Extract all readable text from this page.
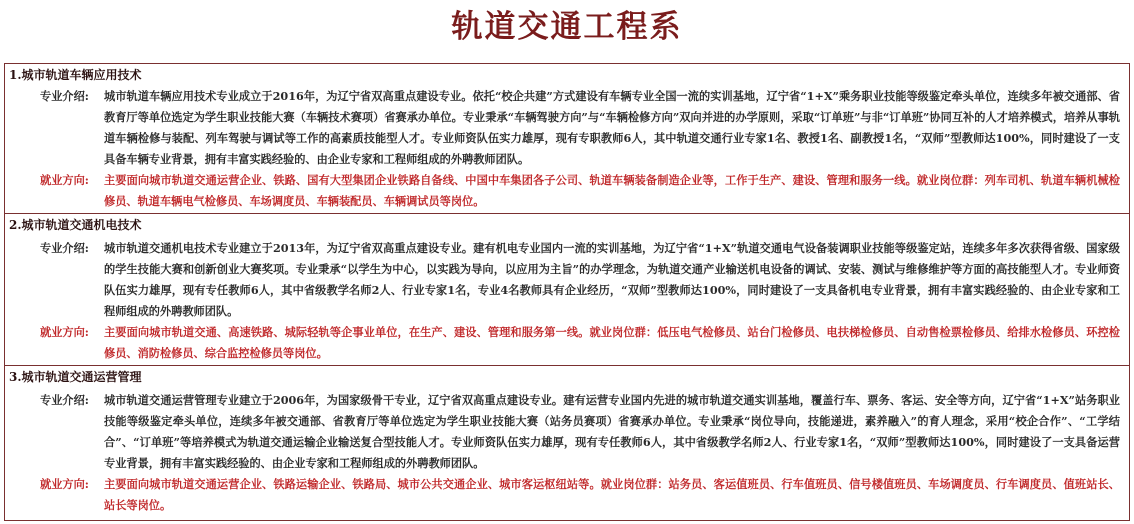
轨道交通工程系
1.城市轨道车辆应用技术
专业介绍:	城市轨道车辆应用技术专业成立于2016年，为辽宁省双高重点建设专业。依托“校企共建”方式建设有车辆专业全国一流的实训基地，辽宁省“1+X”乘务职业技能等级鉴定牵头单位，连续多年被交通部、省教育厅等单位选定为学生职业技能大赛（车辆技术赛项）省赛承办单位。专业秉承“车辆驾驶方向”与“车辆检修方向”双向并进的办学原则，采取“订单班”与非“订单班”协同互补的人才培养模式，培养从事轨道车辆检修与装配、列车驾驶与调试等工作的高素质技能型人才。专业师资队伍实力雄厚，现有专职教师6人，其中轨道交通行业专家1名、教授1名、副教授1名，“双师”型教师达100%，同时建设了一支具备车辆专业背景，拥有丰富实践经验的、由企业专家和工程师组成的外聘教师团队。
就业方向:	主要面向城市轨道交通运营企业、铁路、国有大型集团企业铁路自备线、中国中车集团各子公司、轨道车辆装备制造企业等，工作于生产、建设、管理和服务一线。就业岗位群：列车司机、轨道车辆机械检修员、轨道车辆电气检修员、车场调度员、车辆装配员、车辆调试员等岗位。
2.城市轨道交通机电技术
专业介绍:	城市轨道交通机电技术专业建立于2013年，为辽宁省双高重点建设专业。建有机电专业国内一流的实训基地，为辽宁省“1+X”轨道交通电气设备装调职业技能等级鉴定站，连续多年多次获得省级、国家级的学生技能大赛和创新创业大赛奖项。专业秉承“以学生为中心，以实践为导向，以应用为主旨”的办学理念，为轨道交通产业输送机电设备的调试、安装、测试与维修维护等方面的高技能型人才。专业师资队伍实力雄厚，现有专任教师6人，其中省级教学名师2人、行业专家1名，专业4名教师具有企业经历，“双师”型教师达100%，同时建设了一支具备机电专业背景，拥有丰富实践经验的、由企业专家和工程师组成的外聘教师团队。
就业方向:	主要面向城市轨道交通、高速铁路、城际轻轨等企事业单位，在生产、建设、管理和服务第一线。就业岗位群：低压电气检修员、站台门检修员、电扶梯检修员、自动售检票检修员、给排水检修员、环控检修员、消防检修员、综合监控检修员等岗位。
3.城市轨道交通运营管理
专业介绍:	城市轨道交通运营管理专业建立于2006年，为国家级骨干专业，辽宁省双高重点建设专业。建有运营专业国内先进的城市轨道交通实训基地，覆盖行车、票务、客运、安全等方向，辽宁省“1+X”站务职业技能等级鉴定牵头单位，连续多年被交通部、省教育厅等单位选定为学生职业技能大赛（站务员赛项）省赛承办单位。专业秉承“岗位导向，技能递进，素养融入”的育人理念，采用“校企合作”、“工学结合”、“订单班”等培养模式为轨道交通运输企业输送复合型技能人才。专业师资队伍实力雄厚，现有专任教师6人，其中省级教学名师2人、行业专家1名，“双师”型教师达100%，同时建设了一支具备运营专业背景，拥有丰富实践经验的、由企业专家和工程师组成的外聘教师团队。
就业方向:	主要面向城市轨道交通运营企业、铁路运输企业、铁路局、城市公共交通企业、城市客运枢纽站等。就业岗位群：站务员、客运值班员、行车值班员、信号楼值班员、车场调度员、行车调度员、值班站长、站长等岗位。
